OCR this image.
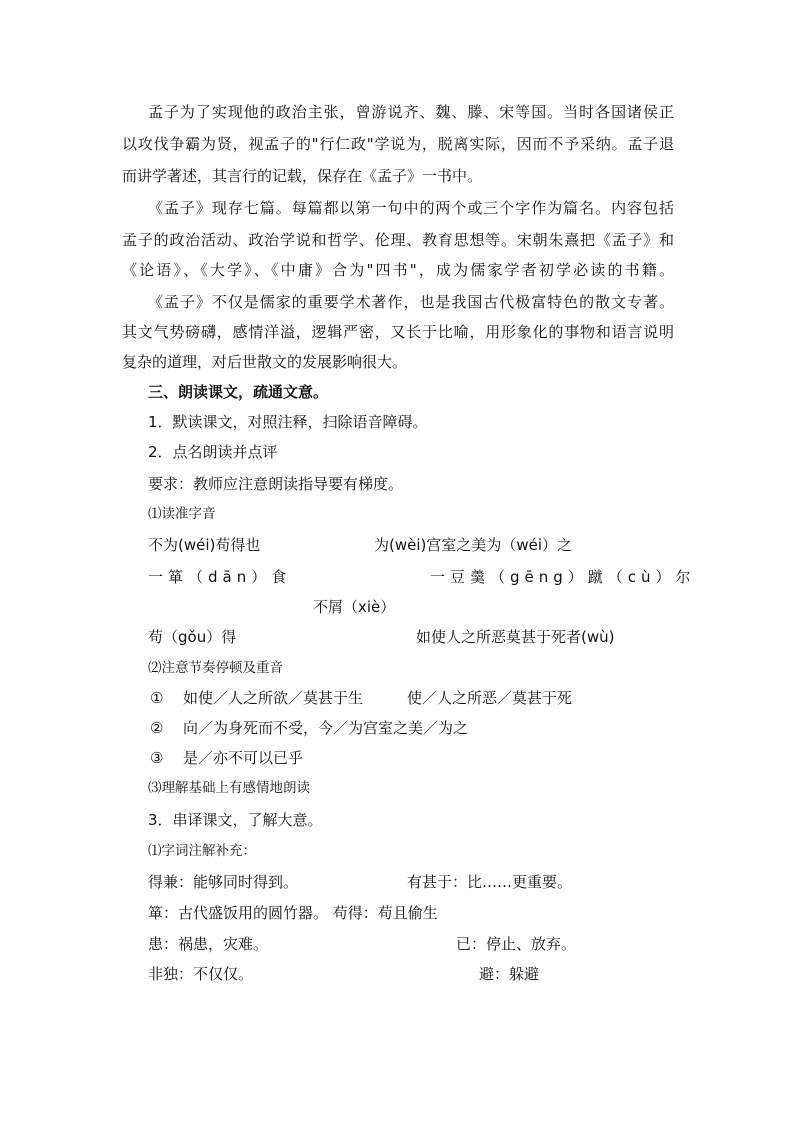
孟子为了实现他的政治主张，曾游说齐、魏、滕、宋等国。当时各国诸侯正
以攻伐争霸为贤，视孟子的"行仁政"学说为，脱离实际，因而不予采纳。孟子退
而讲学著述，其言行的记载，保存在《孟子》一书中。
《孟子》现存七篇。每篇都以第一句中的两个或三个字作为篇名。内容包括
孟子的政治活动、政治学说和哲学、伦理、教育思想等。宋朝朱熹把《孟子》和
《论语》、《大学》、《中庸》合为"四书"，成为儒家学者初学必读的书籍。
《孟子》不仅是儒家的重要学术著作，也是我国古代极富特色的散文专著。
其文气势磅礴，感情洋溢，逻辑严密，又长于比喻，用形象化的事物和语言说明
复杂的道理，对后世散文的发展影响很大。
三、朗读课文，疏通文意。
1．默读课文，对照注释，扫除语音障碍。
2．点名朗读并点评
要求：教师应注意朗读指导要有梯度。
⑴读准字音
不为(wéi)苟得也	为(wèi)宫室之美为（wéi）之
一箪（dān）食	一豆羹（gēng）蹴（cù）尔
不屑（xiè）
苟（gǒu）得	如使人之所恶莫甚于死者(wù)
⑵注意节奏停顿及重音
① 如使／人之所欲／莫甚于生	使／人之所恶／莫甚于死
② 向／为身死而不受，今／为宫室之美／为之
③ 是／亦不可以已乎
⑶理解基础上有感情地朗读
3．串译课文，了解大意。
⑴字词注解补充：
得兼：能够同时得到。	有甚于：比……更重要。
箪：古代盛饭用的圆竹器。 苟得：苟且偷生
患：祸患，灾难。	已：停止、放弃。
非独：不仅仅。	避：躲避
